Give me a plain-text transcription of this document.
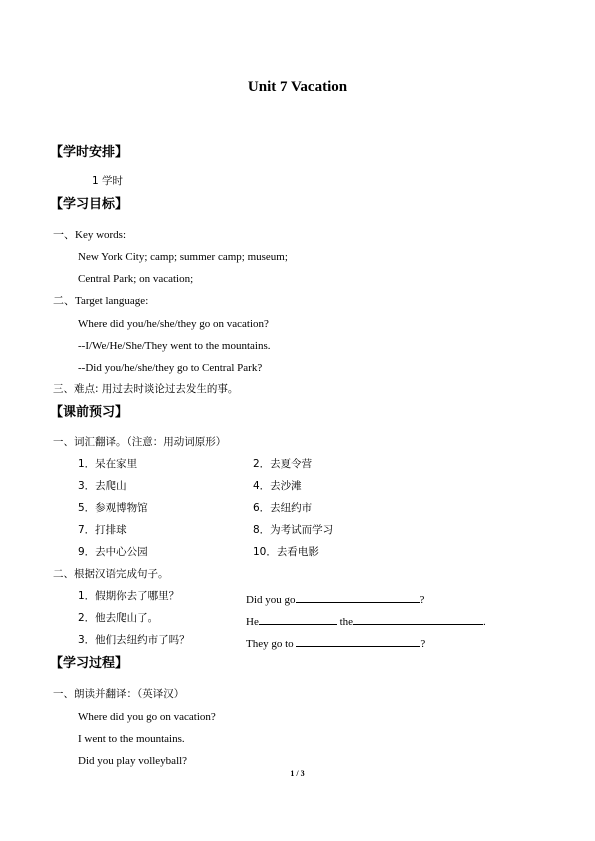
Unit 7 Vacation
【学时安排】
1 学时
【学习目标】
一、Key words:
New York City; camp; summer camp; museum;
Central Park; on vacation;
二、Target language:
Where did you/he/she/they go on vacation?
--I/We/He/She/They went to the mountains.
--Did you/he/she/they go to Central Park?
三、难点: 用过去时谈论过去发生的事。
【课前预习】
一、词汇翻译。（注意：用动词原形）
1．呆在家里	2．去夏令营
3．去爬山	4．去沙滩
5．参观博物馆	6．去纽约市
7．打排球	8．为考试而学习
9．去中心公园	10．去看电影
二、根据汉语完成句子。
1．假期你去了哪里？	Did you go	?
2．他去爬山了。	He	the	.
3．他们去纽约市了吗？	They go to	?
【学习过程】
一、朗读并翻译：（英译汉）
Where did you go on vacation?
I went to the mountains.
Did you play volleyball?
1 / 3
